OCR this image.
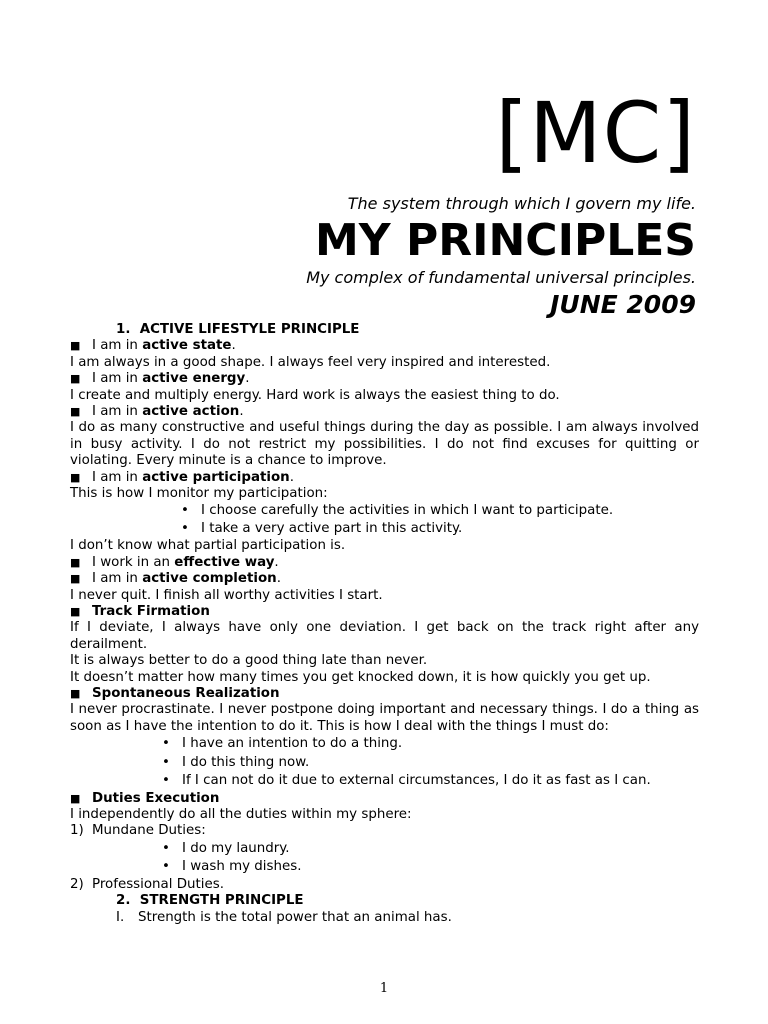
[MC]
The system through which I govern my life.
MY PRINCIPLES
My complex of fundamental universal principles.
JUNE 2009
1. ACTIVE LIFESTYLE PRINCIPLE
■ I am in active state.
I am always in a good shape. I always feel very inspired and interested.
■ I am in active energy.
I create and multiply energy. Hard work is always the easiest thing to do.
■ I am in active action.
I do as many constructive and useful things during the day as possible. I am always involved in busy activity. I do not restrict my possibilities. I do not find excuses for quitting or violating. Every minute is a chance to improve.
■ I am in active participation.
This is how I monitor my participation:
• I choose carefully the activities in which I want to participate.
• I take a very active part in this activity.
I don’t know what partial participation is.
■ I work in an effective way.
■ I am in active completion.
I never quit. I finish all worthy activities I start.
■ Track Firmation
If I deviate, I always have only one deviation. I get back on the track right after any derailment.
It is always better to do a good thing late than never.
It doesn’t matter how many times you get knocked down, it is how quickly you get up.
■ Spontaneous Realization
I never procrastinate. I never postpone doing important and necessary things. I do a thing as soon as I have the intention to do it. This is how I deal with the things I must do:
• I have an intention to do a thing.
• I do this thing now.
• If I can not do it due to external circumstances, I do it as fast as I can.
■ Duties Execution
I independently do all the duties within my sphere:
1) Mundane Duties:
• I do my laundry.
• I wash my dishes.
2) Professional Duties.
2. STRENGTH PRINCIPLE
I. Strength is the total power that an animal has.
1
